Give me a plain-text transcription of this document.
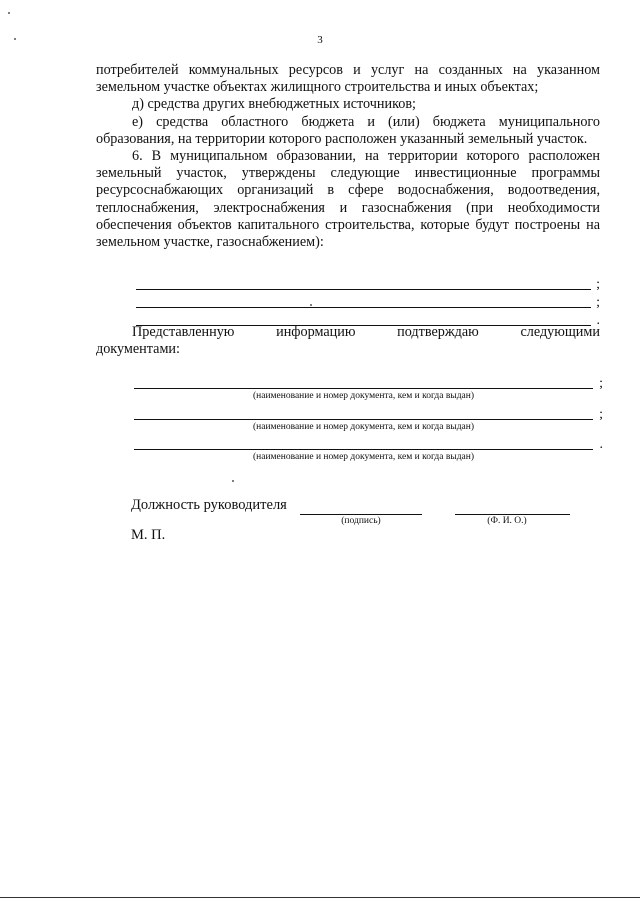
3

потребителей коммунальных ресурсов и услуг на созданных на указанном земельном участке объектах жилищного строительства и иных объектах;

д) средства других внебюджетных источников;

е) средства областного бюджета и (или) бюджета муниципального образования, на территории которого расположен указанный земельный участок.

6. В муниципальном образовании, на территории которого расположен земельный участок, утверждены следующие инвестиционные программы ресурсоснабжающих организаций в сфере водоснабжения, водоотведения, теплоснабжения, электроснабжения и газоснабжения (при необходимости обеспечения объектов капитального строительства, которые будут построены на земельном участке, газоснабжением):

;
;
.
Представленную	информацию	подтверждаю	следующими
документами:
;
(наименование и номер документа, кем и когда выдан)
;
(наименование и номер документа, кем и когда выдан)
.
(наименование и номер документа, кем и когда выдан)
Должность руководителя
(подпись)	(Ф. И. О.)
М. П.
